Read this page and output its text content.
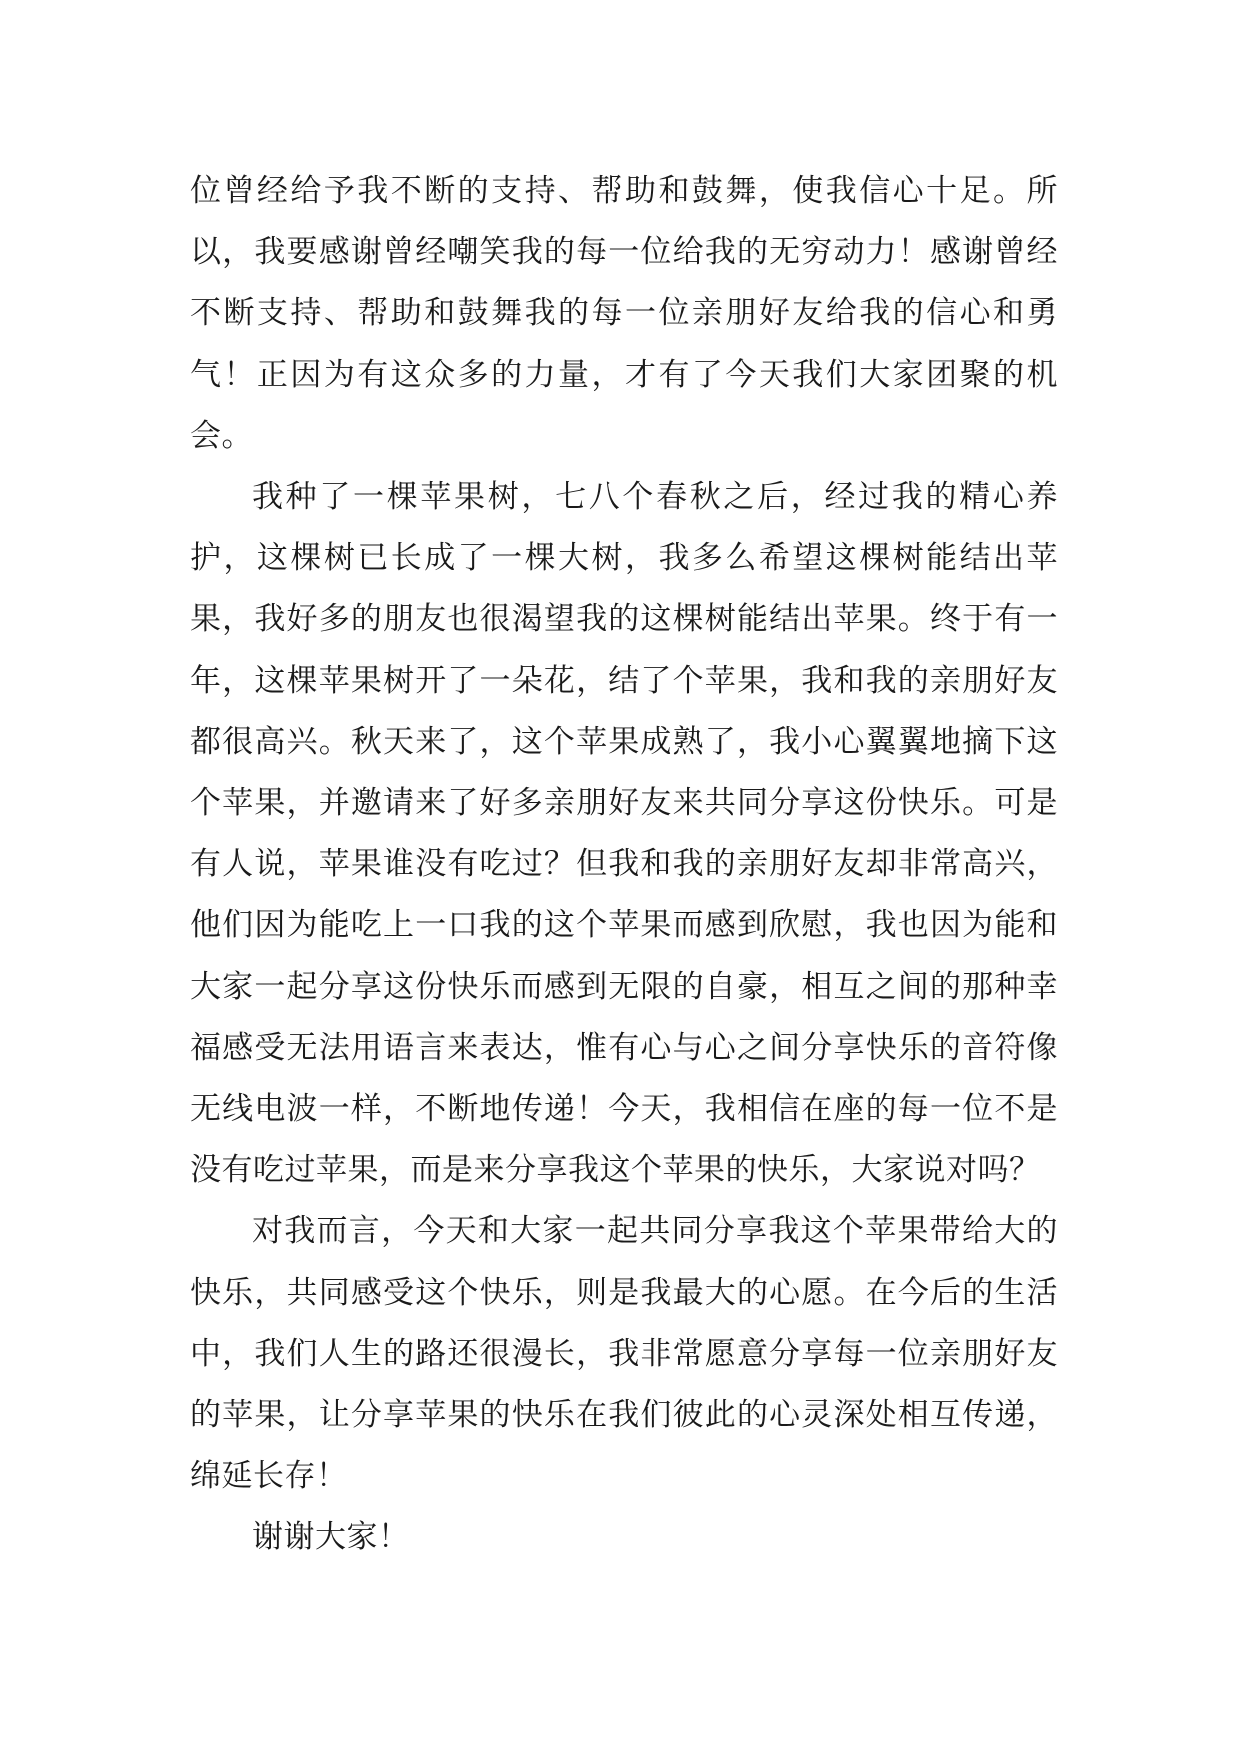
位曾经给予我不断的支持、帮助和鼓舞，使我信心十足。所以，我要感谢曾经嘲笑我的每一位给我的无穷动力！感谢曾经不断支持、帮助和鼓舞我的每一位亲朋好友给我的信心和勇气！正因为有这众多的力量，才有了今天我们大家团聚的机会。

我种了一棵苹果树，七八个春秋之后，经过我的精心养护，这棵树已长成了一棵大树，我多么希望这棵树能结出苹果，我好多的朋友也很渴望我的这棵树能结出苹果。终于有一年，这棵苹果树开了一朵花，结了个苹果，我和我的亲朋好友都很高兴。秋天来了，这个苹果成熟了，我小心翼翼地摘下这个苹果，并邀请来了好多亲朋好友来共同分享这份快乐。可是有人说，苹果谁没有吃过？但我和我的亲朋好友却非常高兴，他们因为能吃上一口我的这个苹果而感到欣慰，我也因为能和大家一起分享这份快乐而感到无限的自豪，相互之间的那种幸福感受无法用语言来表达，惟有心与心之间分享快乐的音符像无线电波一样，不断地传递！今天，我相信在座的每一位不是没有吃过苹果，而是来分享我这个苹果的快乐，大家说对吗？

对我而言，今天和大家一起共同分享我这个苹果带给大的快乐，共同感受这个快乐，则是我最大的心愿。在今后的生活中，我们人生的路还很漫长，我非常愿意分享每一位亲朋好友的苹果，让分享苹果的快乐在我们彼此的心灵深处相互传递，绵延长存！

谢谢大家！
